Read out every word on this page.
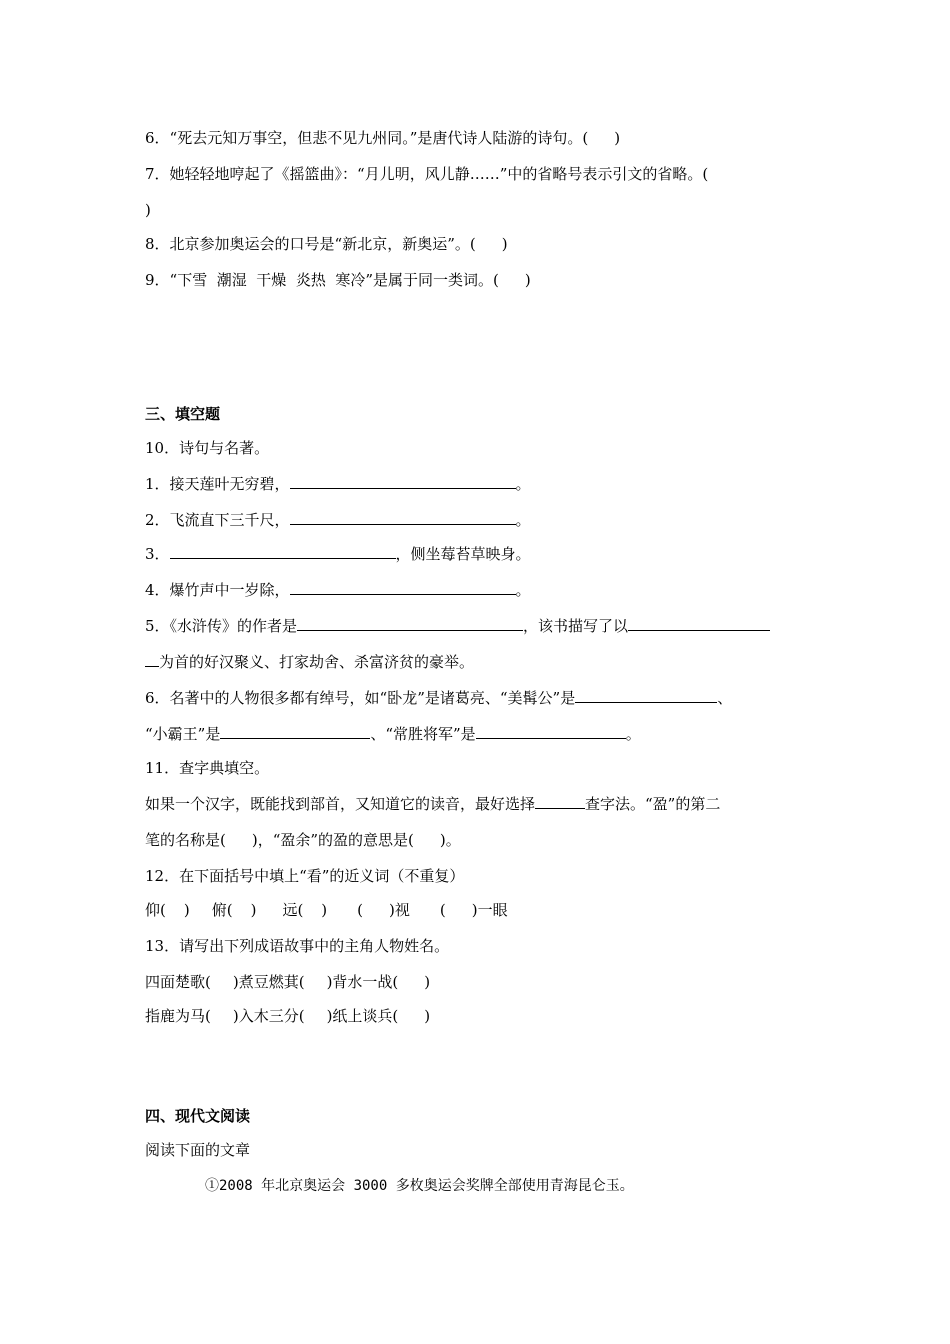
6．“死去元知万事空，但悲不见九州同。”是唐代诗人陆游的诗句。( )

7．她轻轻地哼起了《摇篮曲》：“月儿明，风儿静……”中的省略号表示引文的省略。(

)

8．北京参加奥运会的口号是“新北京，新奥运”。( )

9．“下雪  潮湿  干燥  炎热  寒冷”是属于同一类词。( )

三、填空题

10．诗句与名著。

1．接天莲叶无穷碧，	。

2．飞流直下三千尺，	。

3．	，侧坐莓苔草映身。

4．爆竹声中一岁除，	。

5．《水浒传》的作者是	，该书描写了以

为首的好汉聚义、打家劫舍、杀富济贫的豪举。

6．名著中的人物很多都有绰号，如“卧龙”是诸葛亮、“美髯公”是	、

“小霸王”是	、“常胜将军”是	。

11．查字典填空。

如果一个汉字，既能找到部首，又知道它的读音，最好选择	查字法。“盈”的第二

笔的名称是( )，“盈余”的盈的意思是( )。

12．在下面括号中填上“看”的近义词（不重复）

仰( ) 俯( ) 远( ) ( )视 ( )一眼

13．请写出下列成语故事中的主角人物姓名。

四面楚歌( )煮豆燃萁( )背水一战( )

指鹿为马( )入木三分( )纸上谈兵( )

四、现代文阅读

阅读下面的文章

①2008 年北京奥运会 3000 多枚奥运会奖牌全部使用青海昆仑玉。
